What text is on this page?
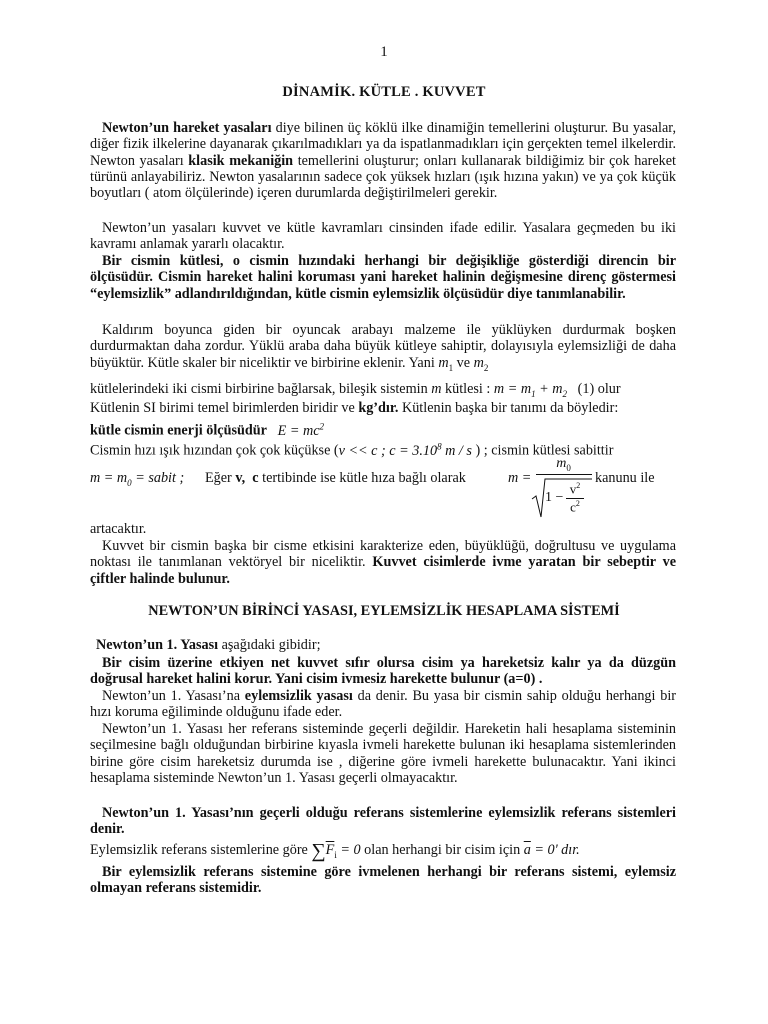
1
DİNAMİK. KÜTLE . KUVVET
Newton’un hareket yasaları diye bilinen üç köklü ilke dinamiğin temellerini oluşturur. Bu yasalar, diğer fizik ilkelerine dayanarak çıkarılmadıkları ya da ispatlanmadıkları için gerçekten temel ilkelerdir. Newton yasaları klasik mekaniğin temellerini oluşturur; onları kullanarak bildiğimiz bir çok hareket türünü anlayabiliriz. Newton yasalarının sadece çok yüksek hızları (ışık hızına yakın) ve ya çok küçük boyutları ( atom ölçülerinde) içeren durumlarda değiştirilmeleri gerekir.
Newton’un yasaları kuvvet ve kütle kavramları cinsinden ifade edilir. Yasalara geçmeden bu iki kavramı anlamak yararlı olacaktır.
Bir cismin kütlesi, o cismin hızındaki herhangi bir değişikliğe gösterdiği direncin bir ölçüsüdür. Cismin hareket halini koruması yani hareket halinin değişmesine direnç göstermesi “eylemsizlik” adlandırıldığından, kütle cismin eylemsizlik ölçüsüdür diye tanımlanabilir.
Kaldırım boyunca giden bir oyuncak arabayı malzeme ile yüklüyken durdurmak boşken durdurmaktan daha zordur. Yüklü araba daha büyük kütleye sahiptir, dolayısıyla eylemsizliği de daha büyüktür. Kütle skaler bir niceliktir ve birbirine eklenir. Yani $m_1$ ve $m_2$
kütlelerindeki iki cismi birbirine bağlarsak, bileşik sistemin m kütlesi : $m = m_1 + m_2$ (1) olur
Kütlenin SI birimi temel birimlerden biridir ve kg’dır. Kütlenin başka bir tanımı da böyledir:
kütle cismin enerji ölçüsüdür $E = mc^2$
Cismin hızı ışık hızından çok çok küçükse (v << c ; $c = 3.10^8$ m / s ) ; cismin kütlesi sabittir
$m = m_0$ = sabit ;	Eğer v, c tertibinde ise kütle hıza bağlı olarak	m =
$m_0$
1 −
$v^2$
$c^2$
kanunu ile
artacaktır.
Kuvvet bir cismin başka bir cisme etkisini karakterize eden, büyüklüğü, doğrultusu ve uygulama noktası ile tanımlanan vektöryel bir niceliktir. Kuvvet cisimlerde ivme yaratan bir sebeptir ve çiftler halinde bulunur.
NEWTON’UN BİRİNCİ YASASI, EYLEMSİZLİK HESAPLAMA SİSTEMİ
Newton’un 1. Yasası aşağıdaki gibidir;
Bir cisim üzerine etkiyen net kuvvet sıfır olursa cisim ya hareketsiz kalır ya da düzgün doğrusal hareket halini korur. Yani cisim ivmesiz harekette bulunur (a=0) .
Newton’un 1. Yasası’na eylemsizlik yasası da denir. Bu yasa bir cismin sahip olduğu herhangi bir hızı koruma eğiliminde olduğunu ifade eder.
Newton’un 1. Yasası her referans sisteminde geçerli değildir. Hareketin hali hesaplama sisteminin seçilmesine bağlı olduğundan birbirine kıyasla ivmeli harekette bulunan iki hesaplama sistemlerinden birine göre cisim hareketsiz durumda ise , diğerine göre ivmeli harekette bulunacaktır. Yani ikinci hesaplama sisteminde Newton’un 1. Yasası geçerli olmayacaktır.
Newton’un 1. Yasası’nın geçerli olduğu referans sistemlerine eylemsizlik referans sistemleri denir.
Eylemsizlik referans sistemlerine göre $\sum\overline{F}_i = 0$ olan herhangi bir cisim için $\overline{a} = 0'$ dır.
Bir eylemsizlik referans sistemine göre ivmelenen herhangi bir referans sistemi, eylemsiz olmayan referans sistemidir.
